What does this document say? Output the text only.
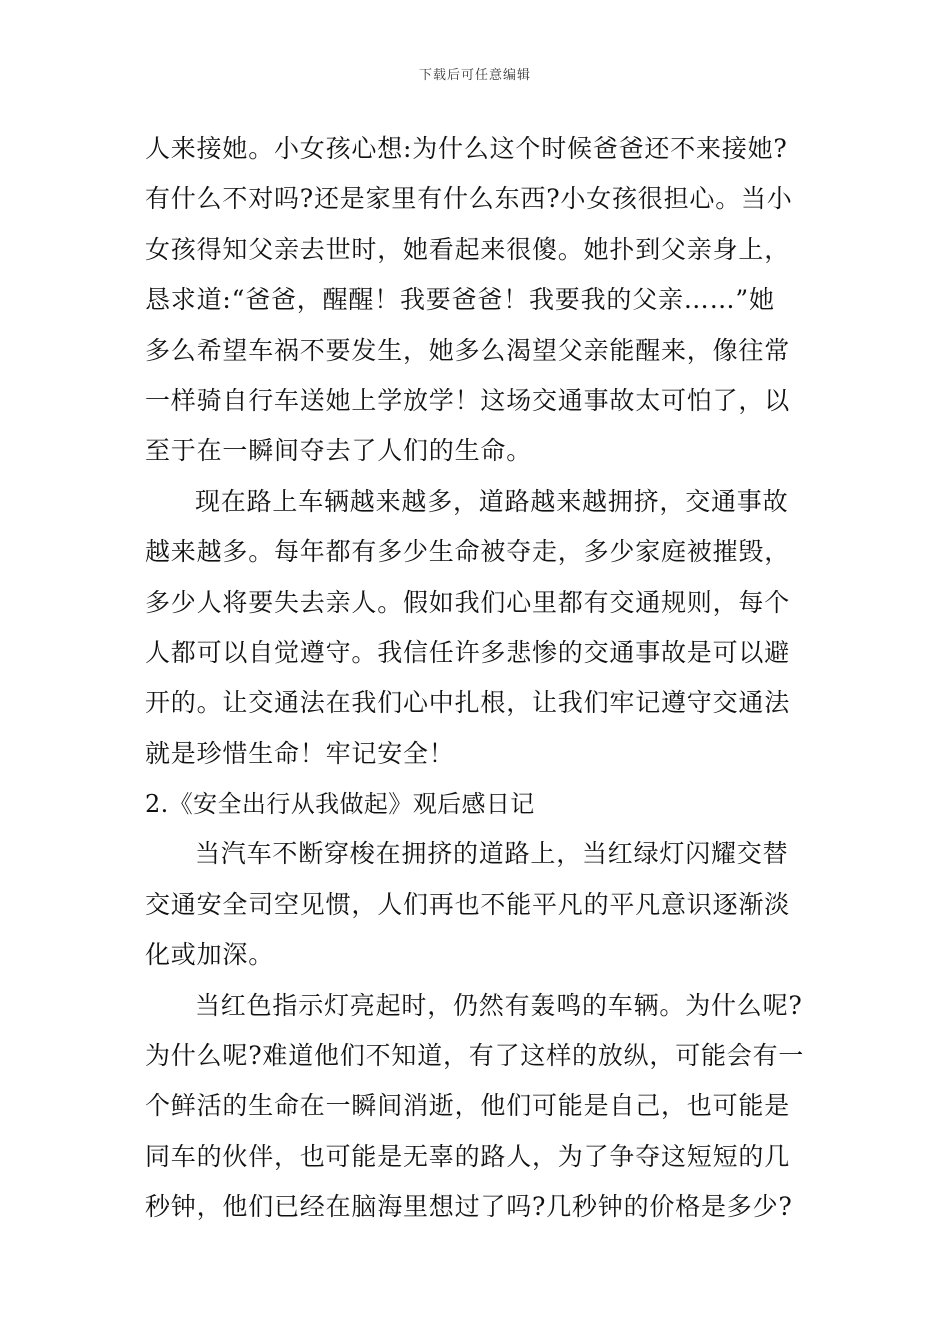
下载后可任意编辑
人来接她。小女孩心想:为什么这个时候爸爸还不来接她?
有什么不对吗?还是家里有什么东西?小女孩很担心。当小
女孩得知父亲去世时，她看起来很傻。她扑到父亲身上，
恳求道:“爸爸，醒醒！我要爸爸！我要我的父亲……”她
多么希望车祸不要发生，她多么渴望父亲能醒来，像往常
一样骑自行车送她上学放学！这场交通事故太可怕了，以
至于在一瞬间夺去了人们的生命。
现在路上车辆越来越多，道路越来越拥挤，交通事故
越来越多。每年都有多少生命被夺走，多少家庭被摧毁，
多少人将要失去亲人。假如我们心里都有交通规则，每个
人都可以自觉遵守。我信任许多悲惨的交通事故是可以避
开的。让交通法在我们心中扎根，让我们牢记遵守交通法
就是珍惜生命！牢记安全！
2.《安全出行从我做起》观后感日记
当汽车不断穿梭在拥挤的道路上，当红绿灯闪耀交替
交通安全司空见惯，人们再也不能平凡的平凡意识逐渐淡
化或加深。
当红色指示灯亮起时，仍然有轰鸣的车辆。为什么呢?
为什么呢?难道他们不知道，有了这样的放纵，可能会有一
个鲜活的生命在一瞬间消逝，他们可能是自己，也可能是
同车的伙伴，也可能是无辜的路人，为了争夺这短短的几
秒钟，他们已经在脑海里想过了吗?几秒钟的价格是多少?
